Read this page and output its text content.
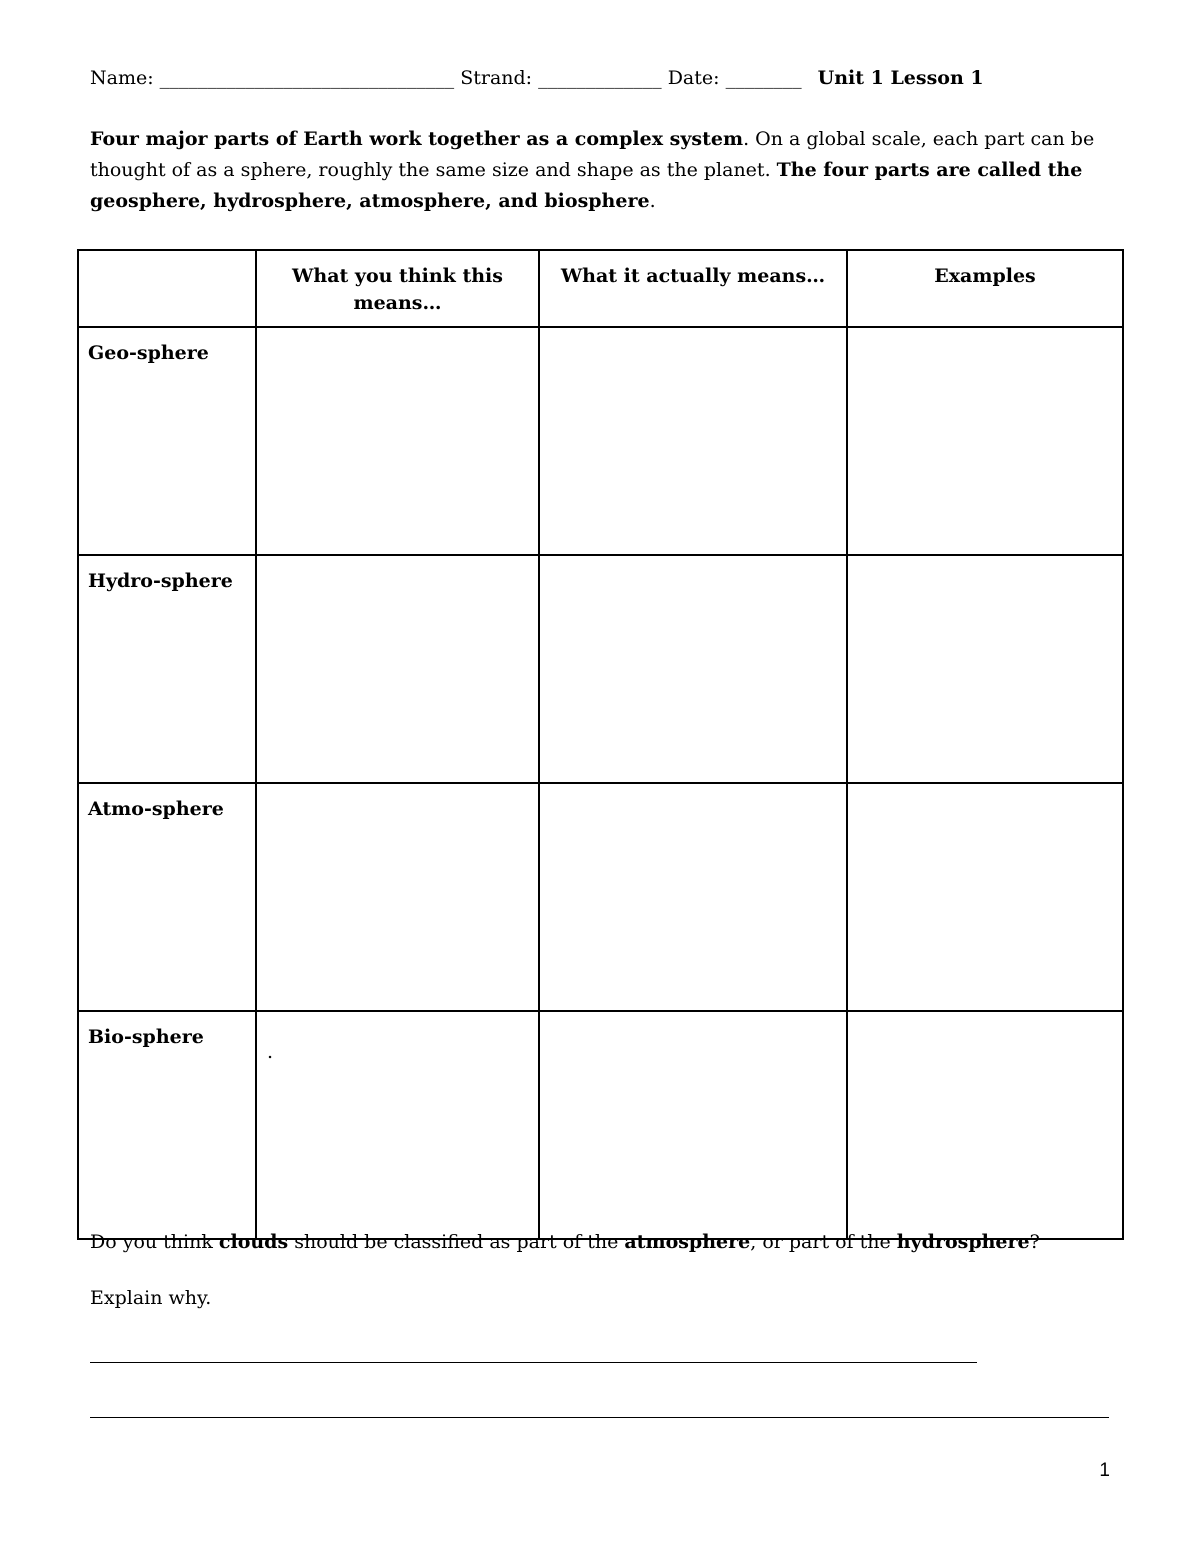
Name: _______________________________ Strand: _____________ Date: ________ Unit 1 Lesson 1
Four major parts of Earth work together as a complex system. On a global scale, each part can be thought of as a sphere, roughly the same size and shape as the planet. The four parts are called the geosphere, hydrosphere, atmosphere, and biosphere.
	What you think this means…	What it actually means…	Examples
Geo-sphere			
Hydro-sphere			
Atmo-sphere			
Bio-sphere	.		

Do you think clouds should be classified as part of the atmosphere, or part of the hydrosphere?
Explain why.
1
